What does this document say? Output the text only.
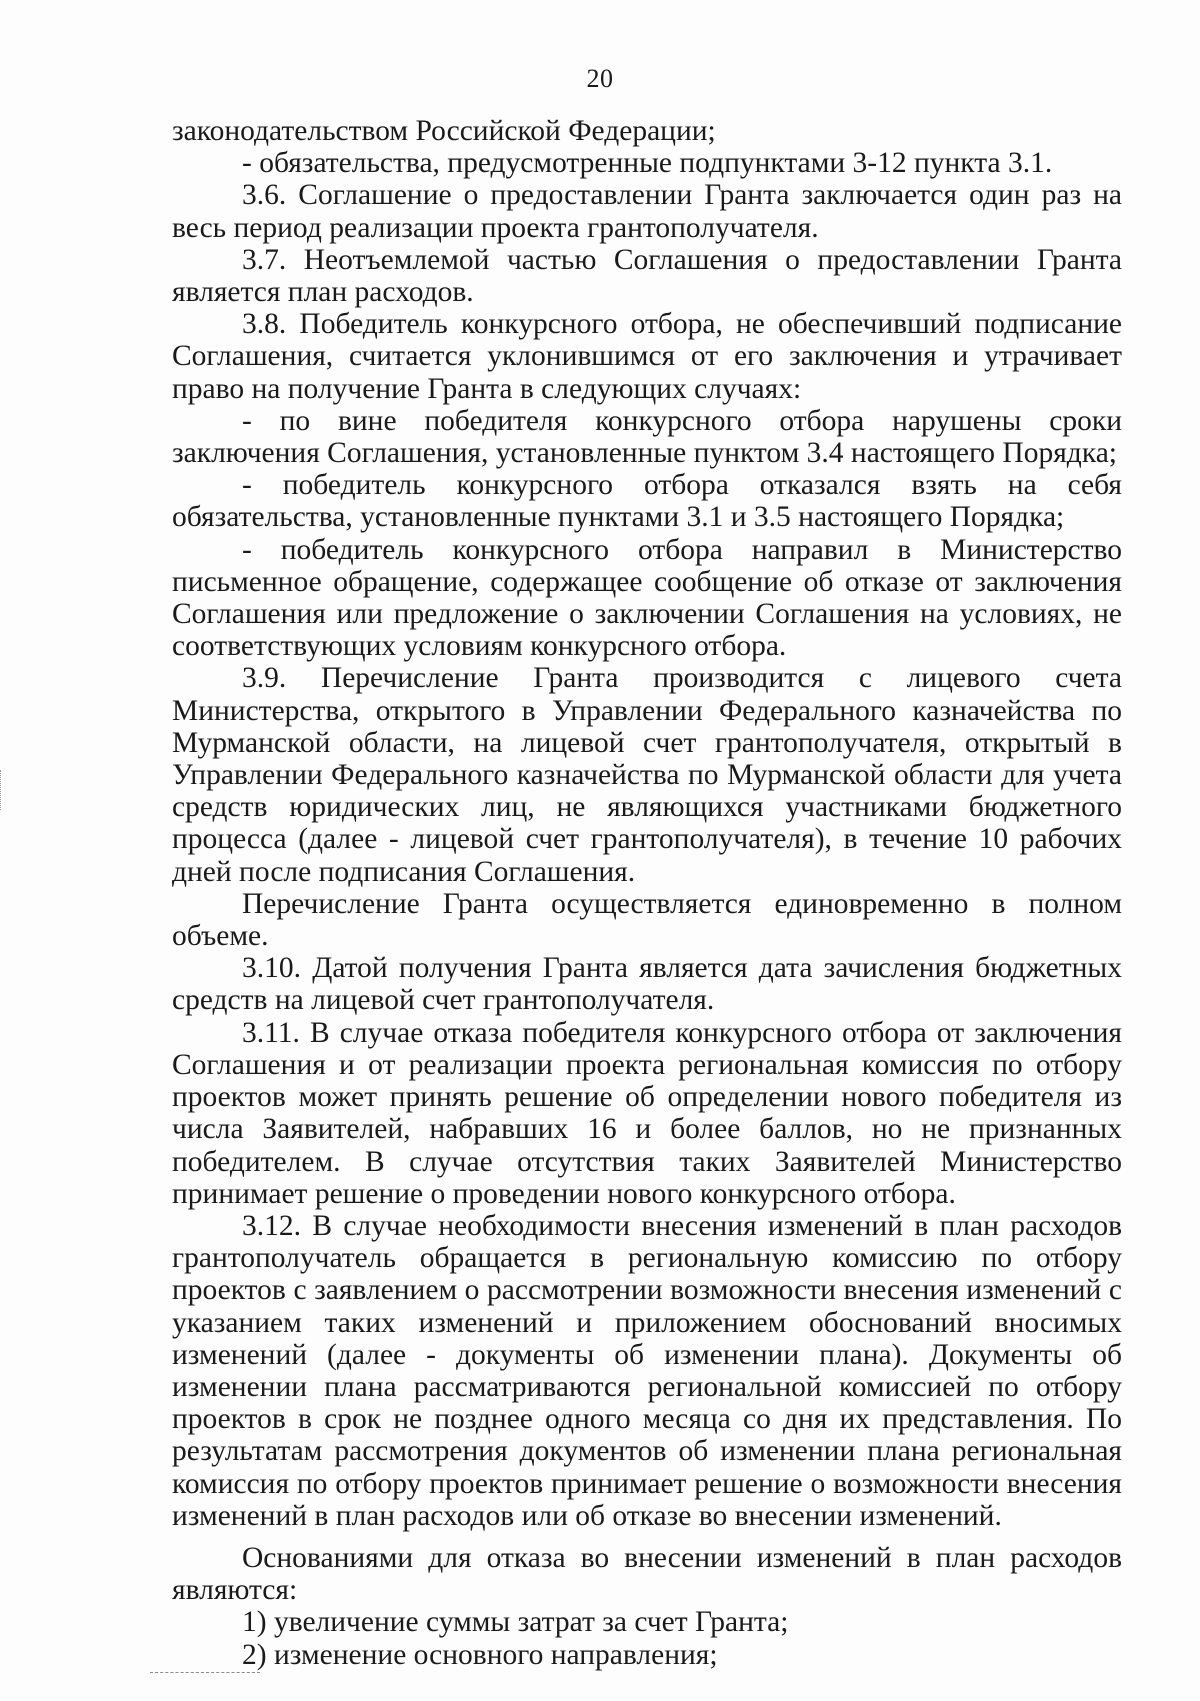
20

законодательством Российской Федерации;

- обязательства, предусмотренные подпунктами 3-12 пункта 3.1.

3.6. Соглашение о предоставлении Гранта заключается один раз на весь период реализации проекта грантополучателя.

3.7. Неотъемлемой частью Соглашения о предоставлении Гранта является план расходов.

3.8. Победитель конкурсного отбора, не обеспечивший подписание Соглашения, считается уклонившимся от его заключения и утрачивает право на получение Гранта в следующих случаях:

- по вине победителя конкурсного отбора нарушены сроки заключения Соглашения, установленные пунктом 3.4 настоящего Порядка;

- победитель конкурсного отбора отказался взять на себя обязательства, установленные пунктами 3.1 и 3.5 настоящего Порядка;

- победитель конкурсного отбора направил в Министерство письменное обращение, содержащее сообщение об отказе от заключения Соглашения или предложение о заключении Соглашения на условиях, не соответствующих условиям конкурсного отбора.

3.9. Перечисление Гранта производится с лицевого счета Министерства, открытого в Управлении Федерального казначейства по Мурманской области, на лицевой счет грантополучателя, открытый в Управлении Федерального казначейства по Мурманской области для учета средств юридических лиц, не являющихся участниками бюджетного процесса (далее - лицевой счет грантополучателя), в течение 10 рабочих дней после подписания Соглашения.

Перечисление Гранта осуществляется единовременно в полном объеме.

3.10. Датой получения Гранта является дата зачисления бюджетных средств на лицевой счет грантополучателя.

3.11. В случае отказа победителя конкурсного отбора от заключения Соглашения и от реализации проекта региональная комиссия по отбору проектов может принять решение об определении нового победителя из числа Заявителей, набравших 16 и более баллов, но не признанных победителем. В случае отсутствия таких Заявителей Министерство принимает решение о проведении нового конкурсного отбора.

3.12. В случае необходимости внесения изменений в план расходов грантополучатель обращается в региональную комиссию по отбору проектов с заявлением о рассмотрении возможности внесения изменений с указанием таких изменений и приложением обоснований вносимых изменений (далее - документы об изменении плана). Документы об изменении плана рассматриваются региональной комиссией по отбору проектов в срок не позднее одного месяца со дня их представления. По результатам рассмотрения документов об изменении плана региональная комиссия по отбору проектов принимает решение о возможности внесения изменений в план расходов или об отказе во внесении изменений.

Основаниями для отказа во внесении изменений в план расходов являются:

1) увеличение суммы затрат за счет Гранта;

2) изменение основного направления;
